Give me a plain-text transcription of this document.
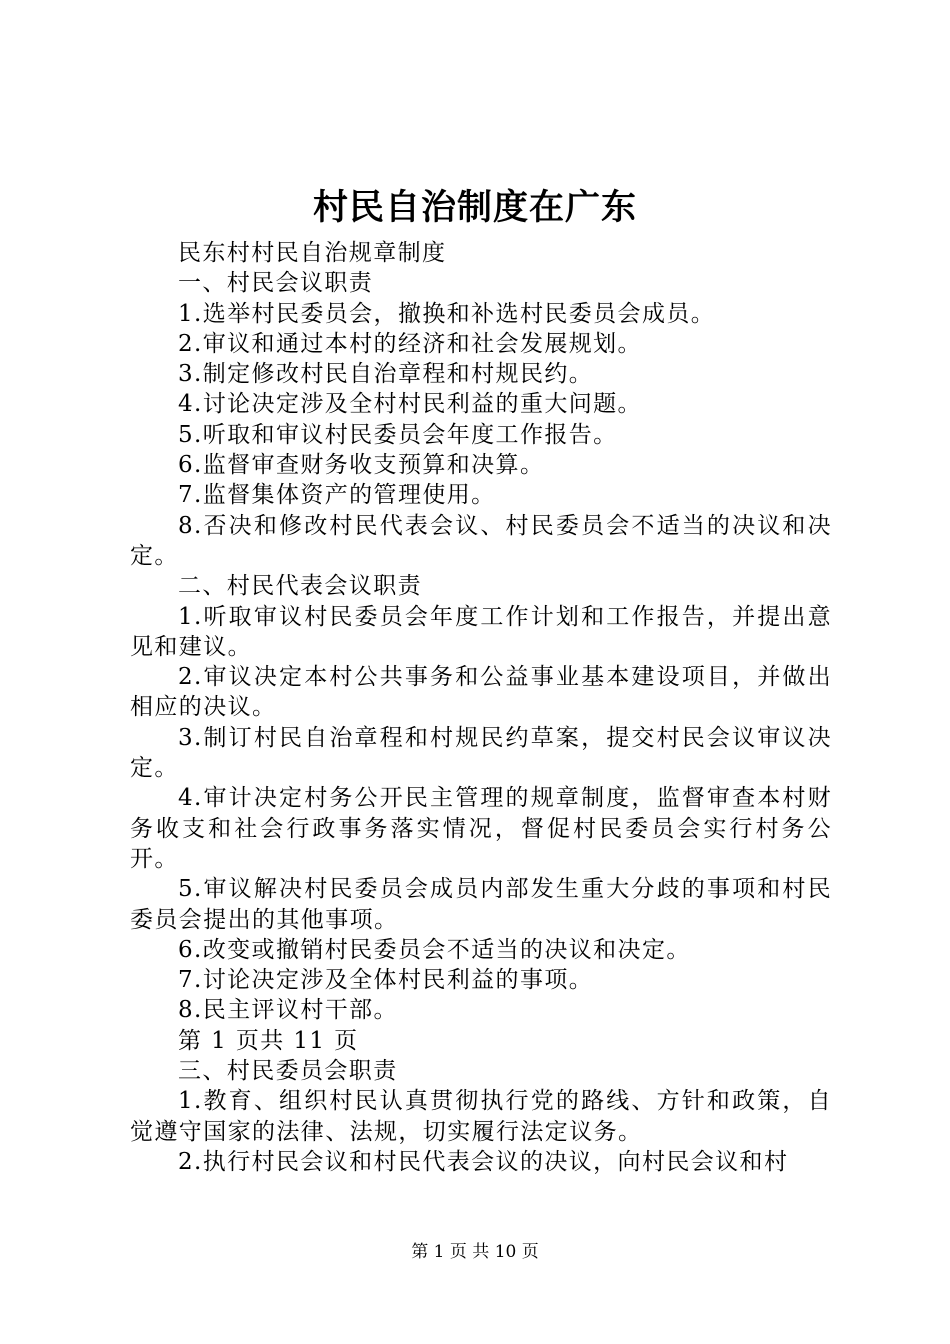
村民自治制度在广东

民东村村民自治规章制度

一、村民会议职责

1.选举村民委员会，撤换和补选村民委员会成员。

2.审议和通过本村的经济和社会发展规划。

3.制定修改村民自治章程和村规民约。

4.讨论决定涉及全村村民利益的重大问题。

5.听取和审议村民委员会年度工作报告。

6.监督审查财务收支预算和决算。

7.监督集体资产的管理使用。

8.否决和修改村民代表会议、村民委员会不适当的决议和决定。

二、村民代表会议职责

1.听取审议村民委员会年度工作计划和工作报告，并提出意见和建议。

2.审议决定本村公共事务和公益事业基本建设项目，并做出相应的决议。

3.制订村民自治章程和村规民约草案，提交村民会议审议决定。

4.审计决定村务公开民主管理的规章制度，监督审查本村财务收支和社会行政事务落实情况，督促村民委员会实行村务公开。

5.审议解决村民委员会成员内部发生重大分歧的事项和村民委员会提出的其他事项。

6.改变或撤销村民委员会不适当的决议和决定。

7.讨论决定涉及全体村民利益的事项。

8.民主评议村干部。

第 1 页共 11 页

三、村民委员会职责

1.教育、组织村民认真贯彻执行党的路线、方针和政策，自觉遵守国家的法律、法规，切实履行法定议务。

2.执行村民会议和村民代表会议的决议，向村民会议和村

第 1 页 共 10 页
